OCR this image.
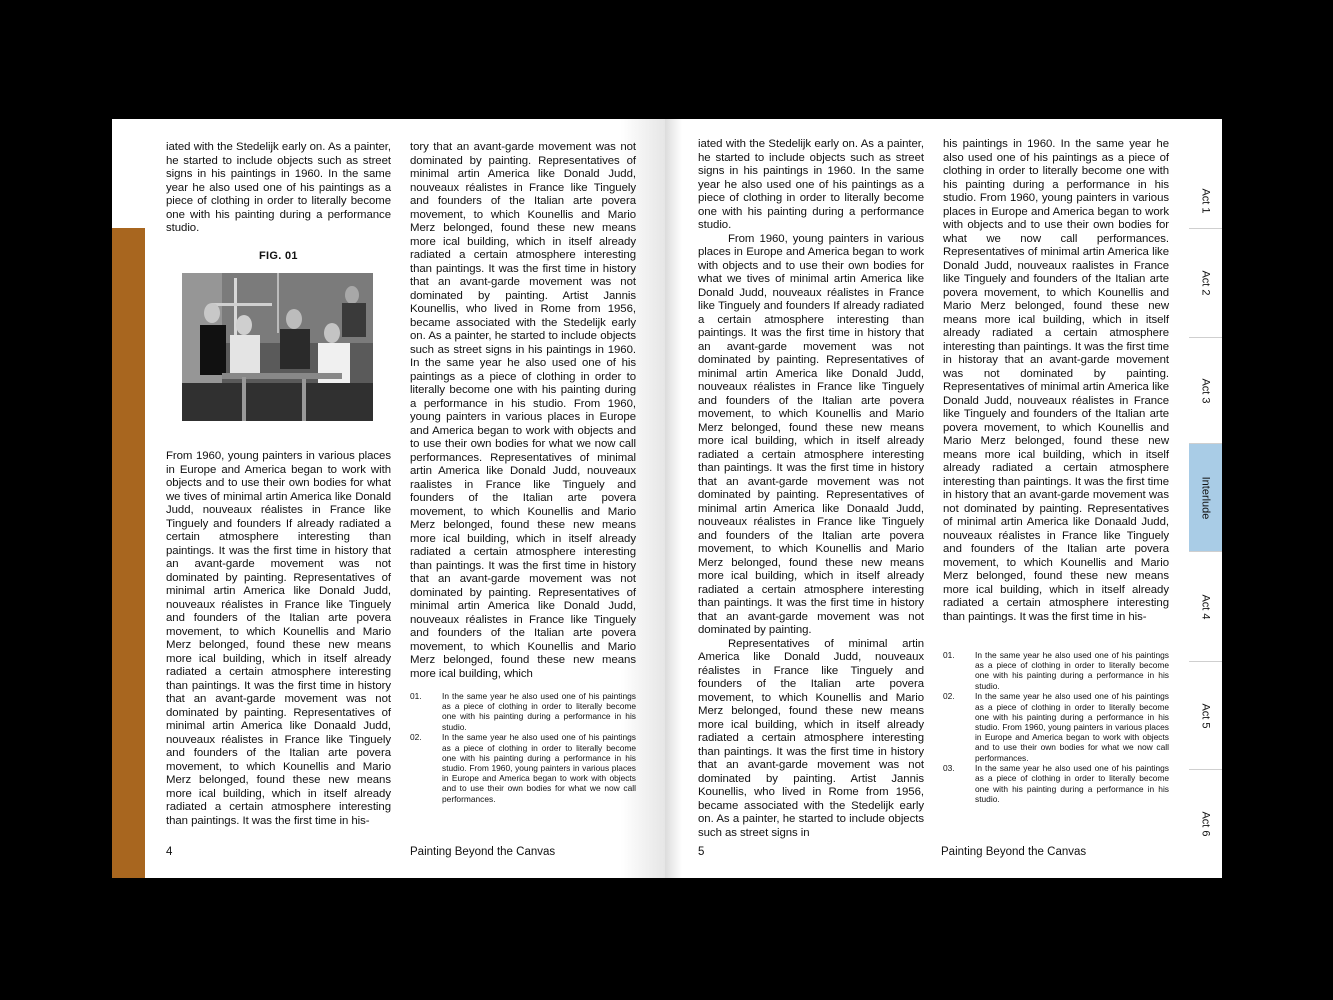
iated with the Stedelijk early on. As a painter, he started to include objects such as street signs in his paintings in 1960. In the same year he also used one of his paintings as a piece of clothing in order to literally become one with his painting during a performance studio.

FIG. 01

From 1960, young painters in various places in Europe and America began to work with objects and to use their own bodies for what we tives of minimal artin America like Donald Judd, nouveaux réalistes in France like Tinguely and founders If already radiated a certain atmosphere interesting than paintings. It was the first time in history that an avant-garde movement was not dominated by painting. Representatives of minimal artin America like Donald Judd, nouveaux réalistes in France like Tinguely and founders of the Italian arte povera movement, to which Kounellis and Mario Merz belonged, found these new means more ical building, which in itself already radiated a certain atmosphere interesting than paintings. It was the first time in history that an avant-garde movement was not dominated by painting. Representatives of minimal artin America like Donaald Judd, nouveaux réalistes in France like Tinguely and founders of the Italian arte povera movement, to which Kounellis and Mario Merz belonged, found these new means more ical building, which in itself already radiated a certain atmosphere interesting than paintings. It was the first time in his-

tory that an avant-garde movement was not dominated by painting. Representatives of minimal artin America like Donald Judd, nouveaux réalistes in France like Tinguely and founders of the Italian arte povera movement, to which Kounellis and Mario Merz belonged, found these new means more ical building, which in itself already radiated a certain atmosphere interesting than paintings. It was the first time in history that an avant-garde movement was not dominated by painting. Artist Jannis Kounellis, who lived in Rome from 1956, became associated with the Stedelijk early on. As a painter, he started to include objects such as street signs in his paintings in 1960. In the same year he also used one of his paintings as a piece of clothing in order to literally become one with his painting during a performance in his studio. From 1960, young painters in various places in Europe and America began to work with objects and to use their own bodies for what we now call performances. Representatives of minimal artin America like Donald Judd, nouveaux raalistes in France like Tinguely and founders of the Italian arte povera movement, to which Kounellis and Mario Merz belonged, found these new means more ical building, which in itself already radiated a certain atmosphere interesting than paintings. It was the first time in history that an avant-garde movement was not dominated by painting. Representatives of minimal artin America like Donald Judd, nouveaux réalistes in France like Tinguely and founders of the Italian arte povera movement, to which Kounellis and Mario Merz belonged, found these new means more ical building, which

01.	In the same year he also used one of his paintings as a piece of clothing in order to literally become one with his painting during a performance in his studio.
02.	In the same year he also used one of his paintings as a piece of clothing in order to literally become one with his painting during a performance in his studio. From 1960, young painters in various places in Europe and America began to work with objects and to use their own bodies for what we now call performances.
4	Painting Beyond the Canvas

iated with the Stedelijk early on. As a painter, he started to include objects such as street signs in his paintings in 1960. In the same year he also used one of his paintings as a piece of clothing in order to literally become one with his painting during a performance studio.

From 1960, young painters in various places in Europe and America began to work with objects and to use their own bodies for what we tives of minimal artin America like Donald Judd, nouveaux réalistes in France like Tinguely and founders If already radiated a certain atmosphere interesting than paintings. It was the first time in history that an avant-garde movement was not dominated by painting. Representatives of minimal artin America like Donald Judd, nouveaux réalistes in France like Tinguely and founders of the Italian arte povera movement, to which Kounellis and Mario Merz belonged, found these new means more ical building, which in itself already radiated a certain atmosphere interesting than paintings. It was the first time in history that an avant-garde movement was not dominated by painting. Representatives of minimal artin America like Donaald Judd, nouveaux réalistes in France like Tinguely and founders of the Italian arte povera movement, to which Kounellis and Mario Merz belonged, found these new means more ical building, which in itself already radiated a certain atmosphere interesting than paintings. It was the first time in history that an avant-garde movement was not dominated by painting.

Representatives of minimal artin America like Donald Judd, nouveaux réalistes in France like Tinguely and founders of the Italian arte povera movement, to which Kounellis and Mario Merz belonged, found these new means more ical building, which in itself already radiated a certain atmosphere interesting than paintings. It was the first time in history that an avant-garde movement was not dominated by painting. Artist Jannis Kounellis, who lived in Rome from 1956, became associated with the Stedelijk early on. As a painter, he started to include objects such as street signs in

his paintings in 1960. In the same year he also used one of his paintings as a piece of clothing in order to literally become one with his painting during a performance in his studio. From 1960, young painters in various places in Europe and America began to work with objects and to use their own bodies for what we now call performances. Representatives of minimal artin America like Donald Judd, nouveaux raalistes in France like Tinguely and founders of the Italian arte povera movement, to which Kounellis and Mario Merz belonged, found these new means more ical building, which in itself already radiated a certain atmosphere interesting than paintings. It was the first time in historay that an avant-garde movement was not dominated by painting. Representatives of minimal artin America like Donald Judd, nouveaux réalistes in France like Tinguely and founders of the Italian arte povera movement, to which Kounellis and Mario Merz belonged, found these new means more ical building, which in itself already radiated a certain atmosphere interesting than paintings. It was the first time in history that an avant-garde movement was not dominated by painting. Representatives of minimal artin America like Donaald Judd, nouveaux réalistes in France like Tinguely and founders of the Italian arte povera movement, to which Kounellis and Mario Merz belonged, found these new means more ical building, which in itself already radiated a certain atmosphere interesting than paintings. It was the first time in his-

01.	In the same year he also used one of his paintings as a piece of clothing in order to literally become one with his painting during a performance in his studio.
02.	In the same year he also used one of his paintings as a piece of clothing in order to literally become one with his painting during a performance in his studio. From 1960, young painters in various places in Europe and America began to work with objects and to use their own bodies for what we now call performances.
03.	In the same year he also used one of his paintings as a piece of clothing in order to literally become one with his painting during a performance in his studio.
5	Painting Beyond the Canvas
Act 1
Act 2
Act 3
Interlude
Act 4
Act 5
Act 6
